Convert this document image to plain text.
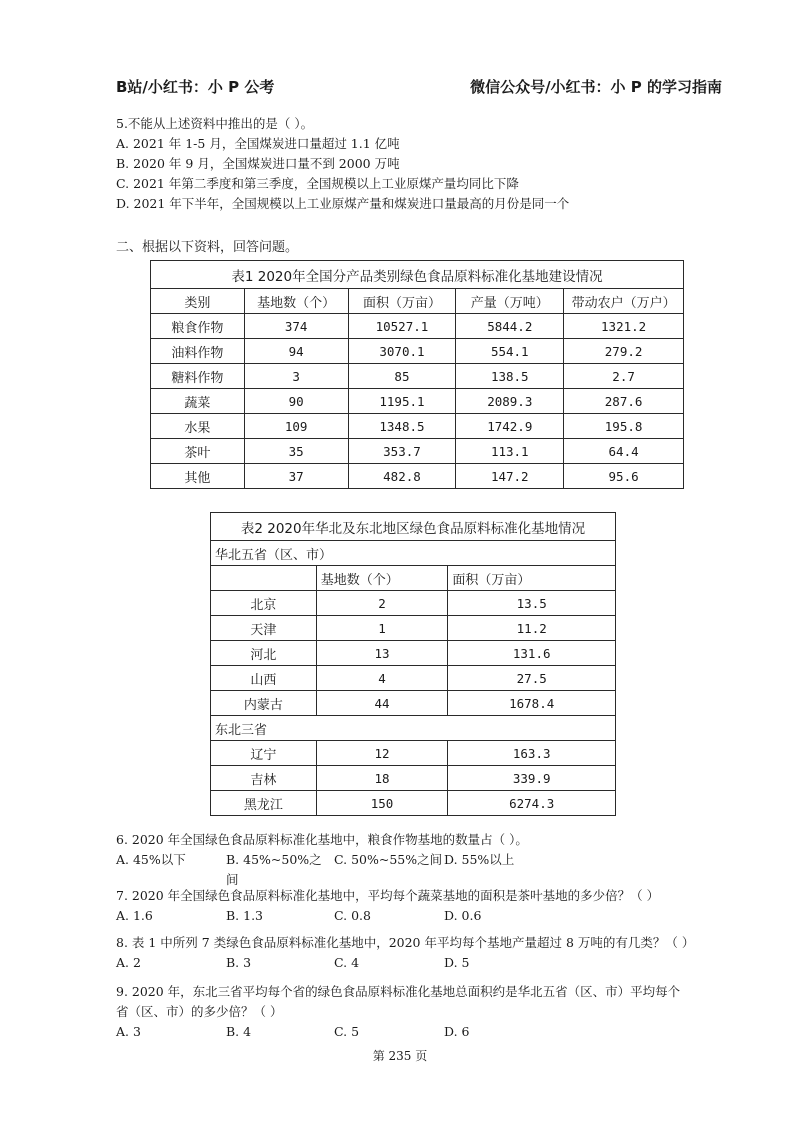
B站/小红书：小 P 公考	微信公众号/小红书：小 P 的学习指南
5.不能从上述资料中推出的是（ ）。
A. 2021 年 1-5 月，全国煤炭进口量超过 1.1 亿吨
B. 2020 年 9 月，全国煤炭进口量不到 2000 万吨
C. 2021 年第二季度和第三季度，全国规模以上工业原煤产量均同比下降
D. 2021 年下半年，全国规模以上工业原煤产量和煤炭进口量最高的月份是同一个
二、根据以下资料，回答问题。
表1 2020年全国分产品类别绿色食品原料标准化基地建设情况				
类别	基地数（个）	面积（万亩）	产量（万吨）	带动农户（万户）
粮食作物	374	10527.1	5844.2	1321.2
油料作物	94	3070.1	554.1	279.2
糖料作物	3	85	138.5	2.7
蔬菜	90	1195.1	2089.3	287.6
水果	109	1348.5	1742.9	195.8
茶叶	35	353.7	113.1	64.4
其他	37	482.8	147.2	95.6
表2 2020年华北及东北地区绿色食品原料标准化基地情况		
华北五省（区、市）		
	基地数（个）	面积（万亩）
北京	2	13.5
天津	1	11.2
河北	13	131.6
山西	4	27.5
内蒙古	44	1678.4
东北三省		
辽宁	12	163.3
吉林	18	339.9
黑龙江	150	6274.3
6. 2020 年全国绿色食品原料标准化基地中，粮食作物基地的数量占（ ）。
A. 45%以下	B. 45%~50%之间
C. 50%~55%之间 D. 55%以上
7. 2020 年全国绿色食品原料标准化基地中，平均每个蔬菜基地的面积是茶叶基地的多少倍？（ ）
A. 1.6	B. 1.3	C. 0.8	D. 0.6
8. 表 1 中所列 7 类绿色食品原料标准化基地中，2020 年平均每个基地产量超过 8 万吨的有几类？（ ）
A. 2	B. 3	C. 4	D. 5
9. 2020 年，东北三省平均每个省的绿色食品原料标准化基地总面积约是华北五省（区、市）平均每个
省（区、市）的多少倍？（ ）
A. 3	B. 4	C. 5	D. 6
第 235 页
